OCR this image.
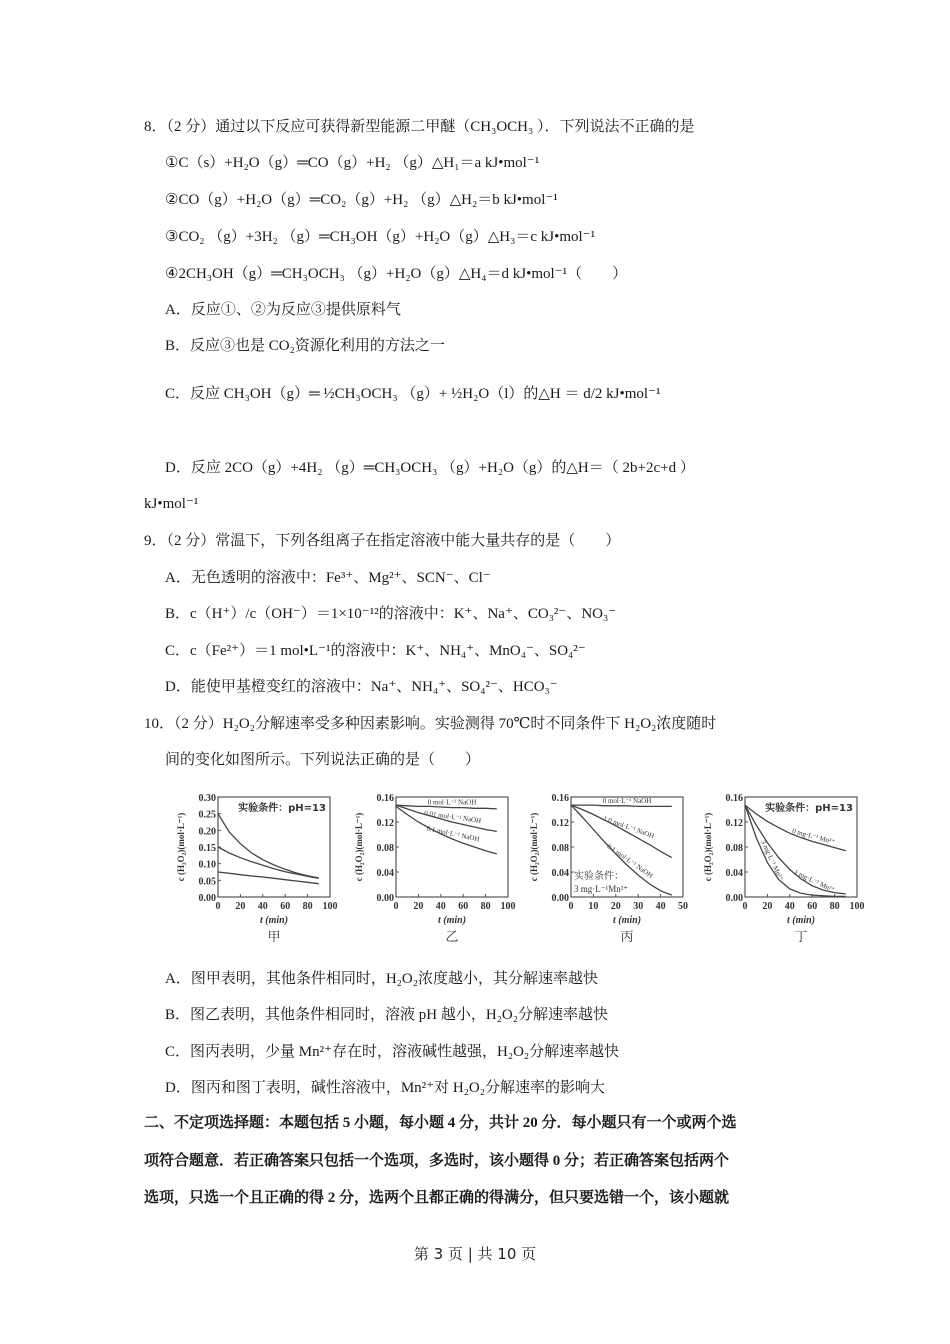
8．（2 分）通过以下反应可获得新型能源二甲醚（CH₃OCH₃ ）．下列说法不正确的是
①C（s）+H₂O（g）═CO（g）+H₂ （g）△H₁＝a kJ•mol⁻¹
②CO（g）+H₂O（g）═CO₂（g）+H₂ （g）△H₂＝b kJ•mol⁻¹
③CO₂ （g）+3H₂ （g）═CH₃OH（g）+H₂O（g）△H₃＝c kJ•mol⁻¹
④2CH₃OH（g）═CH₃OCH₃ （g）+H₂O（g）△H₄＝d kJ•mol⁻¹（　　）
A．反应①、②为反应③提供原料气
B．反应③也是 CO₂资源化利用的方法之一
C．反应 CH₃OH（g）═ ½CH₃OCH₃ （g）+ ½H₂O（l）的△H ＝ d/2 kJ•mol⁻¹
D．反应 2CO（g）+4H₂ （g）═CH₃OCH₃ （g）+H₂O（g）的△H＝（ 2b+2c+d ）
kJ•mol⁻¹
9．（2 分）常温下，下列各组离子在指定溶液中能大量共存的是（　　）
A．无色透明的溶液中：Fe³⁺、Mg²⁺、SCN⁻、Cl⁻
B．c（H⁺）/c（OH⁻）＝1×10⁻¹²的溶液中：K⁺、Na⁺、CO₃²⁻、NO₃⁻
C．c（Fe²⁺）＝1 mol•L⁻¹的溶液中：K⁺、NH₄⁺、MnO₄⁻、SO₄²⁻
D．能使甲基橙变红的溶液中：Na⁺、NH₄⁺、SO₄²⁻、HCO₃⁻
10．（2 分）H₂O₂分解速率受多种因素影响。实验测得 70℃时不同条件下 H₂O₂浓度随时
间的变化如图所示。下列说法正确的是（　　）
0.00
0.05
0.10
0.15
0.20
0.25
0.30
0 20 40 60 80 100
t (min)
c (H₂O₂)(mol·L⁻¹)
实验条件：pH=13
甲
0.00
0.04
0.08
0.12
0.16
0 20 40 60 80 100
t (min)
c (H₂O₂)(mol·L⁻¹)
0 mol·L⁻¹ NaOH
0.01 mol·L⁻¹ NaOH
0.1 mol·L⁻¹ NaOH
乙
0.00
0.04
0.08
0.12
0.16
0 10 20 30 40 50
t (min)
c (H₂O₂)(mol·L⁻¹)	实验条件：
3 mg·L⁻¹Mn²⁺
0 mol·L⁻¹ NaOH
1.0 mol·L⁻¹ NaOH
0.1 mol·L⁻¹ NaOH
丙
0.00
0.04
0.08
0.12
0.16
0 20 40 60 80 100
t (min)
c (H₂O₂)(mol·L⁻¹)
实验条件：pH=13
0 mg·L⁻¹ Mn²⁺
1 mg·L⁻¹ Mn²⁺
3 mg·L⁻¹ Mn²⁺
丁
A．图甲表明，其他条件相同时，H₂O₂浓度越小，其分解速率越快
B．图乙表明，其他条件相同时，溶液 pH 越小，H₂O₂分解速率越快
C．图丙表明，少量 Mn²⁺存在时，溶液碱性越强，H₂O₂分解速率越快
D．图丙和图丁表明，碱性溶液中，Mn²⁺对 H₂O₂分解速率的影响大
二、不定项选择题：本题包括 5 小题，每小题 4 分，共计 20 分．每小题只有一个或两个选
项符合题意．若正确答案只包括一个选项，多选时，该小题得 0 分；若正确答案包括两个
选项，只选一个且正确的得 2 分，选两个且都正确的得满分，但只要选错一个，该小题就
第 3 页 | 共 10 页
